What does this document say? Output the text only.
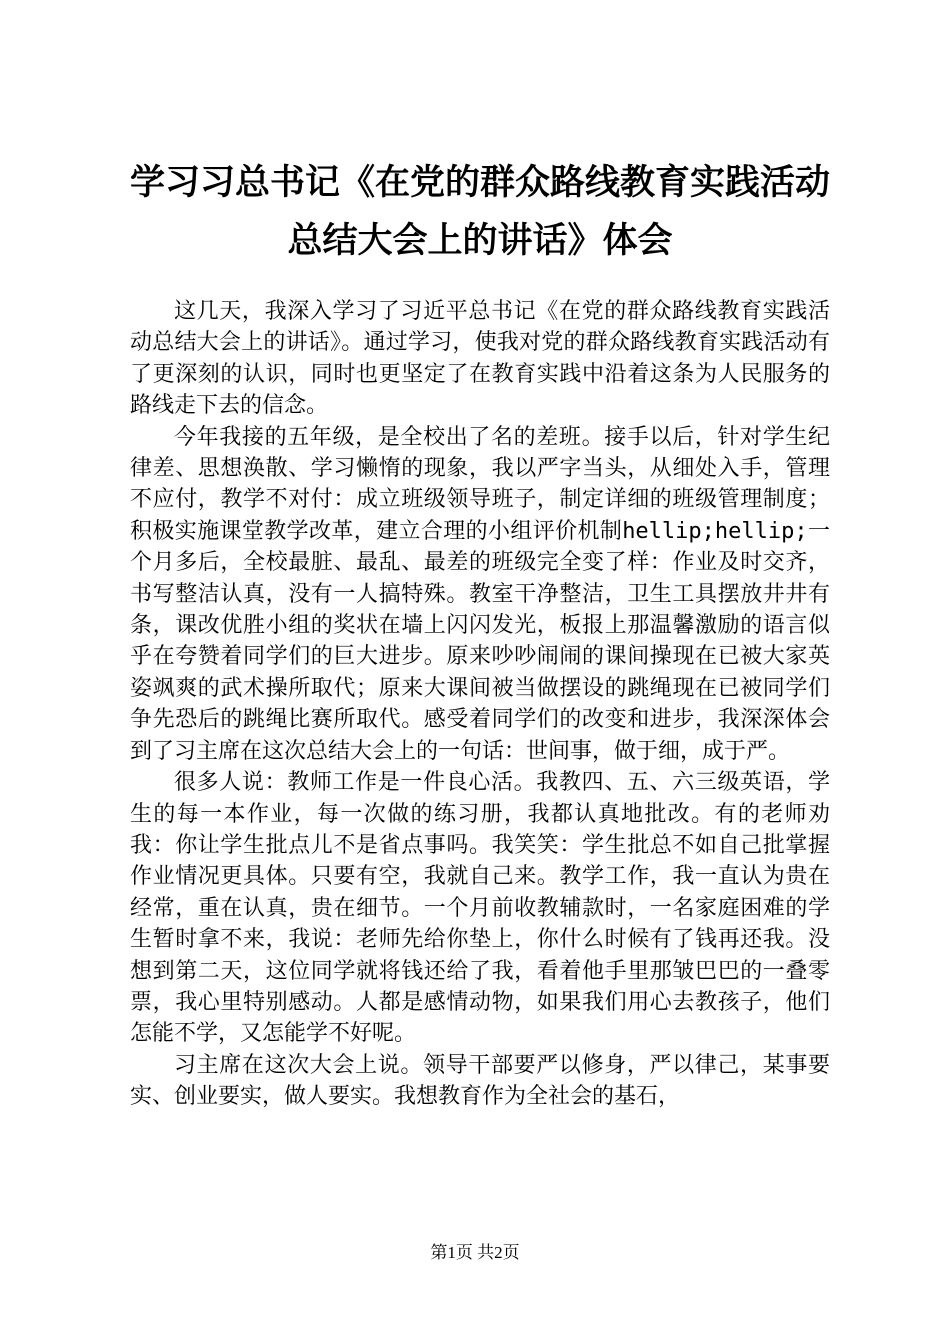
学习习总书记《在党的群众路线教育实践活动
总结大会上的讲话》体会

这几天，我深入学习了习近平总书记《在党的群众路线教育实践活动总结大会上的讲话》。通过学习，使我对党的群众路线教育实践活动有了更深刻的认识，同时也更坚定了在教育实践中沿着这条为人民服务的路线走下去的信念。

今年我接的五年级，是全校出了名的差班。接手以后，针对学生纪律差、思想涣散、学习懒惰的现象，我以严字当头，从细处入手，管理不应付，教学不对付：成立班级领导班子，制定详细的班级管理制度；积极实施课堂教学改革，建立合理的小组评价机制hellip;hellip;一个月多后，全校最脏、最乱、最差的班级完全变了样：作业及时交齐，书写整洁认真，没有一人搞特殊。教室干净整洁，卫生工具摆放井井有条，课改优胜小组的奖状在墙上闪闪发光，板报上那温馨激励的语言似乎在夸赞着同学们的巨大进步。原来吵吵闹闹的课间操现在已被大家英姿飒爽的武术操所取代；原来大课间被当做摆设的跳绳现在已被同学们争先恐后的跳绳比赛所取代。感受着同学们的改变和进步，我深深体会到了习主席在这次总结大会上的一句话：世间事，做于细，成于严。

很多人说：教师工作是一件良心活。我教四、五、六三级英语，学生的每一本作业，每一次做的练习册，我都认真地批改。有的老师劝我：你让学生批点儿不是省点事吗。我笑笑：学生批总不如自己批掌握作业情况更具体。只要有空，我就自己来。教学工作，我一直认为贵在经常，重在认真，贵在细节。一个月前收教辅款时，一名家庭困难的学生暂时拿不来，我说：老师先给你垫上，你什么时候有了钱再还我。没想到第二天，这位同学就将钱还给了我，看着他手里那皱巴巴的一叠零票，我心里特别感动。人都是感情动物，如果我们用心去教孩子，他们怎能不学，又怎能学不好呢。

习主席在这次大会上说。领导干部要严以修身，严以律己，某事要实、创业要实，做人要实。我想教育作为全社会的基石，

第1页 共2页
